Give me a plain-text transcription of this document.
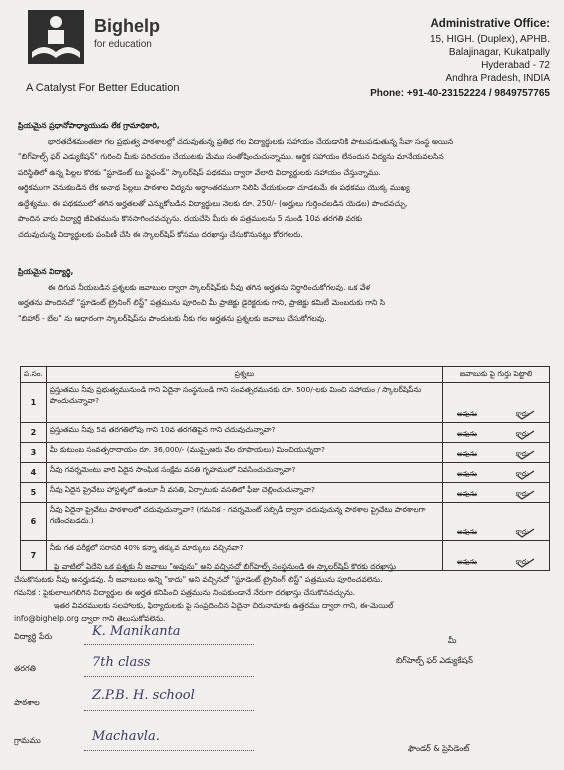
Bighelp
for education
A Catalyst For Better Education
Administrative Office:
15, HIGH. (Duplex), APHB.
Balajinagar, Kukatpally
Hyderabad - 72
Andhra Pradesh, INDIA
Phone: +91-40-23152224 / 9849757765
ప్రియమైన ప్రధానోపాధ్యాయుడు లేక గ్రామాధికారి,
భారతదేశమంతటా గల ప్రభుత్వ పాఠశాలల్లో చదువుతున్న ప్రతిభ గల విద్యార్థులకు సహాయం చేయడానికి పాటుపడుతున్న సేవా సంస్థ అయిన
"బిగ్‌హెల్ప్ ఫర్ ఎడ్యుకేషన్" గురించి మీకు పరిచయం చేయుటకు మేము సంతోషించుచున్నాము. ఆర్థిక సహాయం లేనందున విద్యను మానేయవలసిన
పరిస్థితిలో ఉన్న పిల్లల కొరకు "స్టూడెంట్ టు స్టైఫండ్" స్కాలర్‌షిప్ పథకము ద్వారా వేలాది విద్యార్థులకు సహాయం చేస్తున్నాము.
ఆర్థికముగా వెనుకబడిన లేక అనాథ పిల్లలు పాఠశాల విద్యను అర్ధాంతరముగా నిలిపి వేయకుండా చూడటమే ఈ పథకము యొక్క ముఖ్య
ఉద్దేశ్యము. ఈ పథకములో తగిన అర్హతలతో ఎన్నుకోబడిన విద్యార్థులు నెలకు రూ. 250/- (అర్హులు గుర్తించబడిన యెడల) పొందవచ్చు.
పొందిన వారు విద్యార్థి జీవితమును కొనసాగించవచ్చును. దయచేసి మీరు ఈ పత్రములను 5 నుండి 10వ తరగతి వరకు
చదువుచున్న విద్యార్థులకు పంపిణీ చేసి ఈ స్కాలర్‌షిప్ కోసము దరఖాస్తు చేసుకొనునట్లు కోరగలరు.
ప్రియమైన విద్యార్థి,
ఈ దిగువ నీయబడిన ప్రశ్నలకు జవాబుల ద్వారా స్కాలర్‌షిప్‌కు నీవు తగిన అర్హతను నిర్ధారించుకోగలవు. ఒక వేళ
అర్హతను పొందినచో "స్టూడెంట్ ట్రైనింగ్ లిస్ట్" పత్రమును పూరించి మీ ప్రాజెక్టు డైరెక్టరుకు గాని, ప్రాజెక్టు కమిటీ మెంబరుకు గాని సి
"బిహార్ - బేల" ను ఆధారంగా స్కాలర్‌షిప్‌ను పొందుటకు నీకు గల అర్హతను ప్రశ్నలకు జవాబు చేసుకోగలవు.
ప.సం.	ప్రశ్నలు	జవాబుకు పై గుర్తు పెట్టాలి
1	ప్రస్తుతము నీవు ప్రభుత్వమునుండి గాని ఏదైనా సంస్థనుండి గాని సంవత్సరమునకు రూ. 500/-లకు మించి సహాయం / స్కాలర్‌షిప్‌ను పొందుచున్నావా?	అవును కాదు

2	ప్రస్తుతము నీవు 5వ తరగతిలోపు గాని 10వ తరగతిపైన గాని చదువుచున్నావా?	అవును కాదు

3	మీ కుటుంబ సంవత్సరాదాయం రూ. 36,000/- (ముప్పైఆరు వేల రూపాయలు) మించియున్నదా?	అవును కాదు

4	నీవు గవర్నమెంటు వారి ఏదైన సాంఘిక సంక్షేమ వసతి గృహములో నివసించుచున్నావా?	అవును కాదు

5	నీవు ఏదైన ప్రైవేటు హాస్టళ్ళలో ఉంటూ నీ వసతి, ఏర్పాటుకు వసతిలో ఫీజు చెల్లించుచున్నావా?	అవును కాదు

6	నీవు ఏదైనా ప్రైవేటు పాఠశాలలో చదువుచున్నావా? (గమనిక - గవర్నమెంట్ సబ్సిడీ ద్వారా చదువుచున్న పాఠశాల ప్రైవేటు పాఠశాలగా గణించబడదు.)	అవును కాదు

7	నీకు గత పరీక్షలో సరాసరి 40% కన్నా తక్కువ మార్కులు వచ్చినవా?	అవును కాదు
పై వాటిలో ఏదేని ఒక ప్రశ్నకు నీ జవాబు "అవును" అని వచ్చినచో బిగ్‌హెల్ప్ సంస్థనుండి ఈ స్కాలర్‌షిప్ కొరకు దరఖాస్తు
చేసుకొనుటకు నీవు అనర్హుడవు. నీ జవాబులు అన్ని "కాదు" అని వచ్చినచో "స్టూడెంట్ ట్రైనింగ్ లిస్ట్" పత్రమును పూరించవలెను.
గమనిక : పైకులాలుగలిగిన విద్యార్థుల ఈ అర్హత కనిపించి పత్రమును నింపకుండానే నేరుగా దరఖాస్తు చేసుకొనవచ్చును.
ఇతర వివరములకు సలహాలకు, ఫిర్యాదులకు పై సంప్రదించిన ఏదైనా చిరునామాకు ఉత్తరము ద్వారా గాని, ఈ-మెయిల్
info@bighelp.org ద్వారా గాని తెలుసుకోవలెను.
విద్యార్థి పేరు	K. Manikanta
తరగతి	7th class
పాఠశాల	Z.P.B. H. school
గ్రామము	Machavla.
మీ
బిగ్‌హెల్ప్ ఫర్ ఎడ్యుకేషన్
ఫౌండర్ & ప్రెసిడెంట్
